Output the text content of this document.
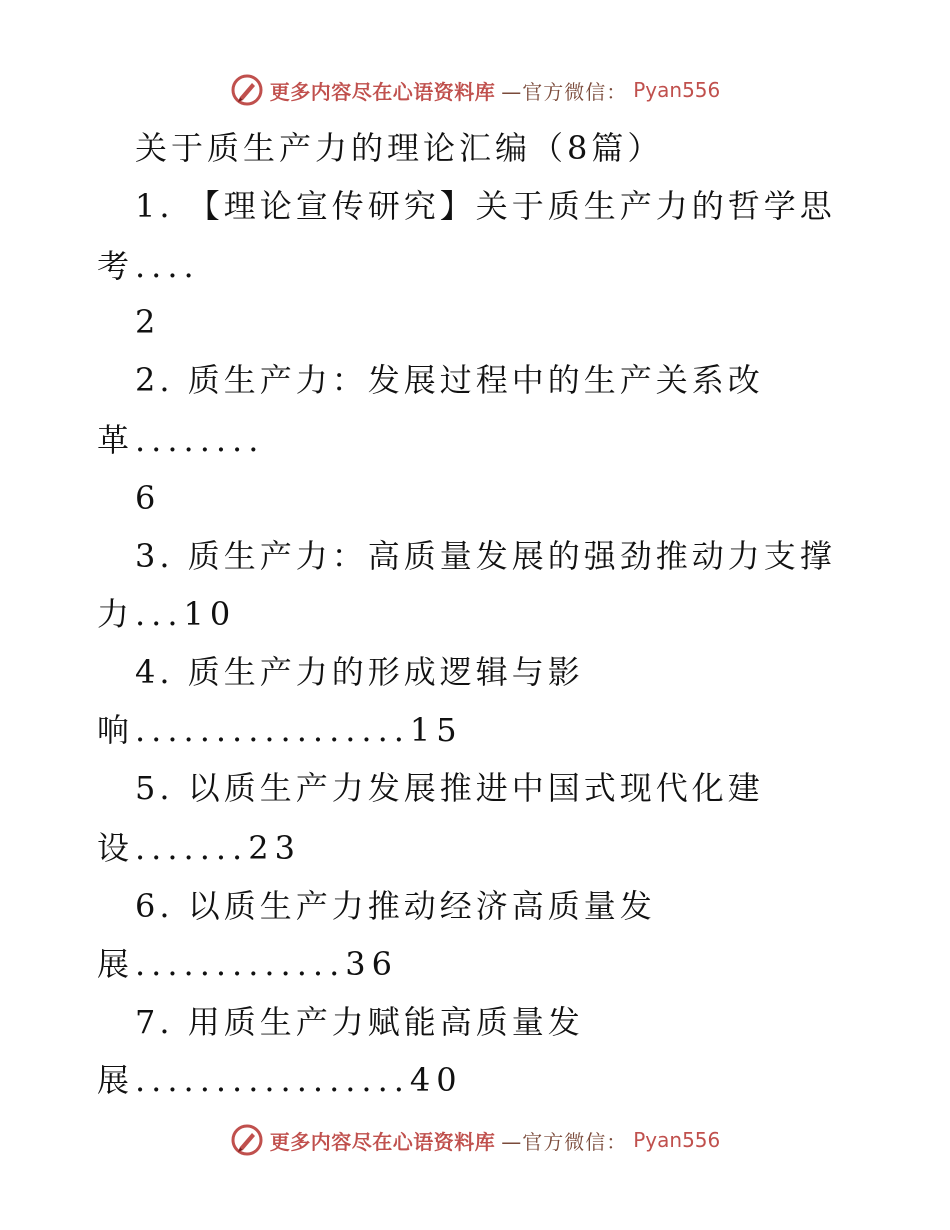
更多内容尽在心语资料库 —官方微信： Pyan556
关于质生产力的理论汇编（8篇）
1. 【理论宣传研究】关于质生产力的哲学思
考....
2
2. 质生产力：发展过程中的生产关系改
革........
6
3. 质生产力：高质量发展的强劲推动力支撑
力...10
4. 质生产力的形成逻辑与影
响.................15
5. 以质生产力发展推进中国式现代化建
设.......23
6. 以质生产力推动经济高质量发
展.............36
7. 用质生产力赋能高质量发
展.................40
更多内容尽在心语资料库 —官方微信： Pyan556
